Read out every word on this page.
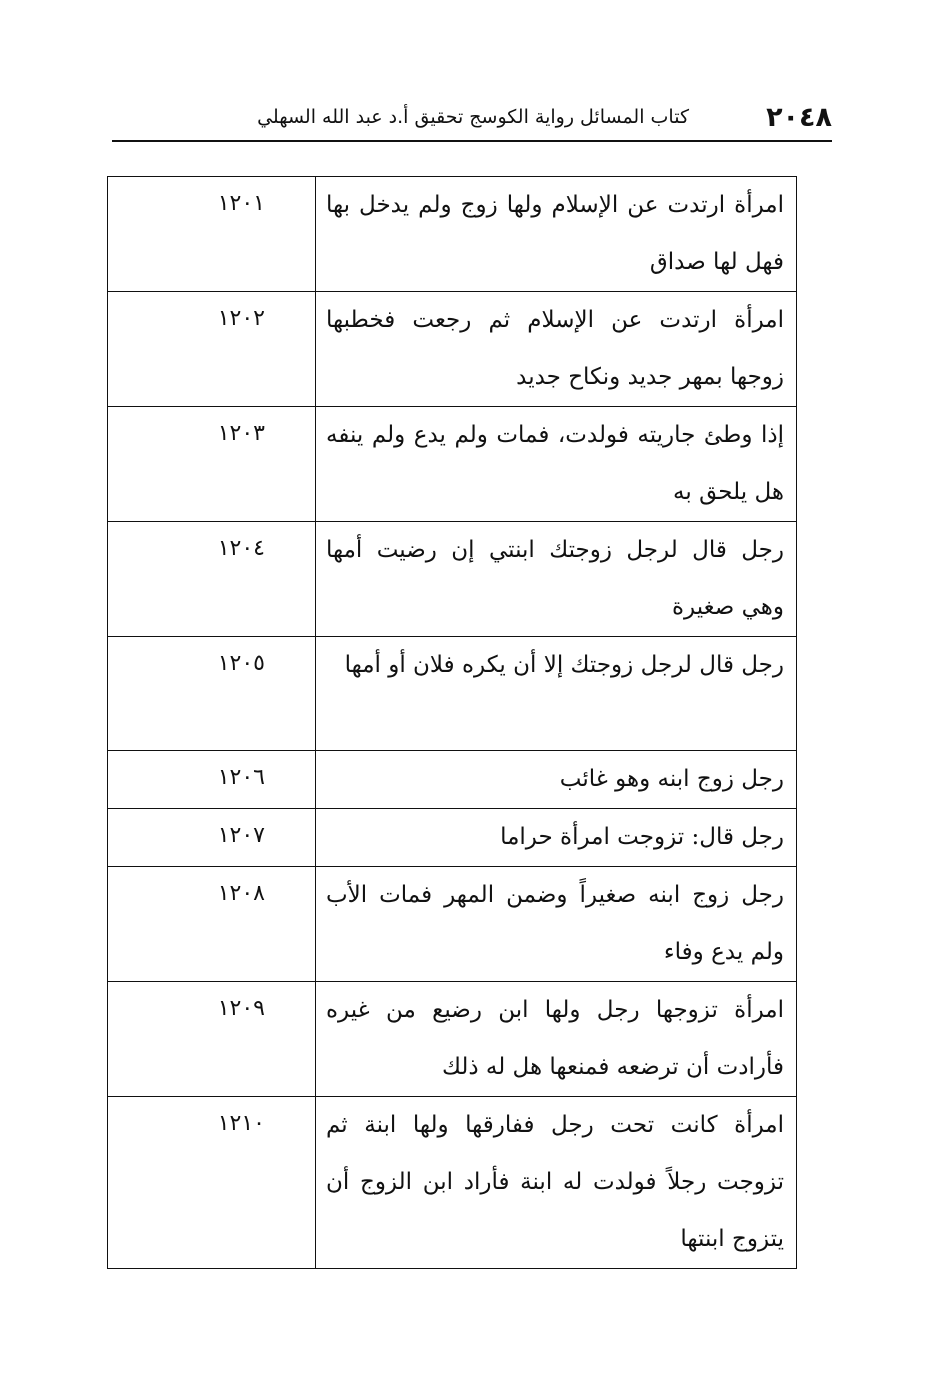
٢٠٤٨
كتاب المسائل رواية الكوسج تحقيق أ.د عبد الله السهلي
امرأة ارتدت عن الإسلام ولها زوج ولم يدخل بها فهل لها صداق	١٢٠١

امرأة ارتدت عن الإسلام ثم رجعت فخطبها زوجها بمهر جديد ونكاح جديد	١٢٠٢

إذا وطئ جاريته فولدت، فمات ولم يدع ولم ينفه هل يلحق به	١٢٠٣

رجل قال لرجل زوجتك ابنتي إن رضيت أمها وهي صغيرة	١٢٠٤

رجل قال لرجل زوجتك إلا أن يكره فلان أو أمها	١٢٠٥

رجل زوج ابنه وهو غائب	١٢٠٦

رجل قال: تزوجت امرأة حراما	١٢٠٧

رجل زوج ابنه صغيراً وضمن المهر فمات الأب ولم يدع وفاء	١٢٠٨

امرأة تزوجها رجل ولها ابن رضيع من غيره فأرادت أن ترضعه فمنعها هل له ذلك	١٢٠٩

امرأة كانت تحت رجل ففارقها ولها ابنة ثم تزوجت رجلاً فولدت له ابنة فأراد ابن الزوج أن يتزوج ابنتها	١٢١٠
